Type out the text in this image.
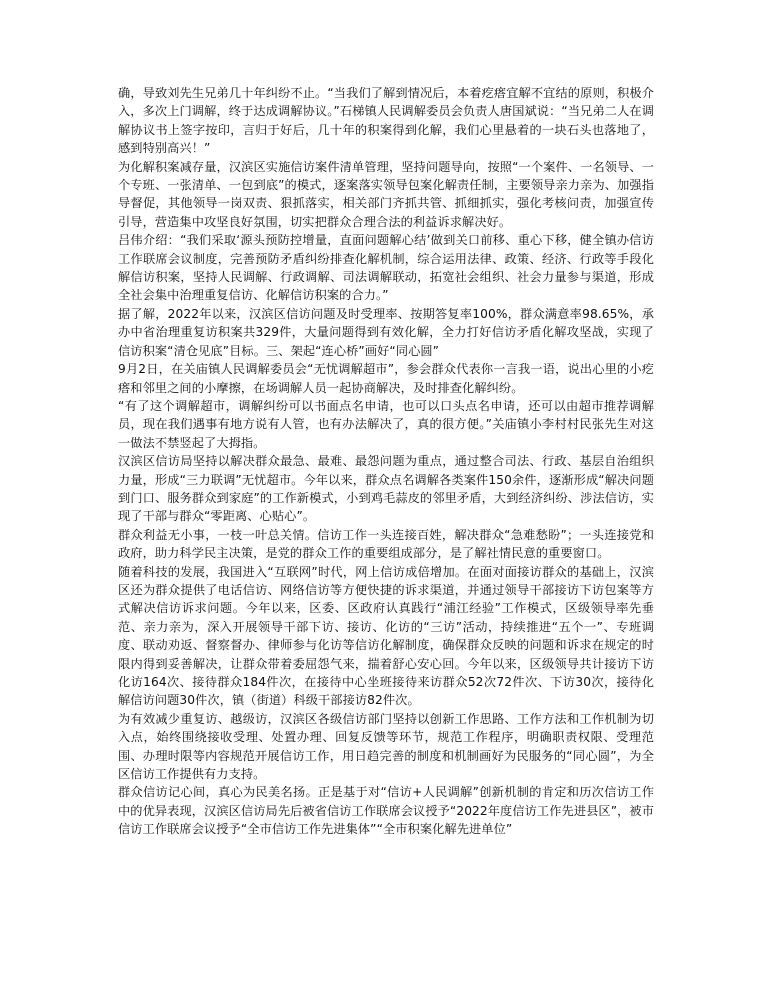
确，导致刘先生兄弟几十年纠纷不止。“当我们了解到情况后，本着疙瘩宜解不宜结的原则，积极介入，多次上门调解，终于达成调解协议。”石梯镇人民调解委员会负责人唐国斌说：“当兄弟二人在调解协议书上签字按印，言归于好后，几十年的积案得到化解，我们心里悬着的一块石头也落地了，感到特别高兴！”

为化解积案减存量，汉滨区实施信访案件清单管理，坚持问题导向，按照“一个案件、一名领导、一个专班、一张清单、一包到底”的模式，逐案落实领导包案化解责任制，主要领导亲力亲为、加强指导督促，其他领导一岗双责、狠抓落实，相关部门齐抓共管、抓细抓实，强化考核问责，加强宣传引导，营造集中攻坚良好氛围，切实把群众合理合法的利益诉求解决好。

吕伟介绍：“我们采取‘源头预防控增量，直面问题解心结’做到关口前移、重心下移，健全镇办信访工作联席会议制度，完善预防矛盾纠纷排查化解机制，综合运用法律、政策、经济、行政等手段化解信访积案，坚持人民调解、行政调解、司法调解联动，拓宽社会组织、社会力量参与渠道，形成全社会集中治理重复信访、化解信访积案的合力。”

据了解，2022年以来，汉滨区信访问题及时受理率、按期答复率100%，群众满意率98.65%，承办中省治理重复访积案共329件，大量问题得到有效化解，全力打好信访矛盾化解攻坚战，实现了信访积案“清仓见底”目标。三、架起“连心桥”画好“同心圆”

9月2日，在关庙镇人民调解委员会“无忧调解超市”，参会群众代表你一言我一语，说出心里的小疙瘩和邻里之间的小摩擦，在场调解人员一起协商解决，及时排查化解纠纷。

“有了这个调解超市，调解纠纷可以书面点名申请，也可以口头点名申请，还可以由超市推荐调解员，现在我们遇事有地方说有人管，也有办法解决了，真的很方便。”关庙镇小李村村民张先生对这一做法不禁竖起了大拇指。

汉滨区信访局坚持以解决群众最急、最难、最怨问题为重点，通过整合司法、行政、基层自治组织力量，形成“三力联调”无忧超市。今年以来，群众点名调解各类案件150余件，逐渐形成“解决问题到门口、服务群众到家庭”的工作新模式，小到鸡毛蒜皮的邻里矛盾，大到经济纠纷、涉法信访，实现了干部与群众“零距离、心贴心”。

群众利益无小事，一枝一叶总关情。信访工作一头连接百姓，解决群众“急难愁盼”；一头连接党和政府，助力科学民主决策，是党的群众工作的重要组成部分，是了解社情民意的重要窗口。

随着科技的发展，我国进入“互联网”时代，网上信访成倍增加。在面对面接访群众的基础上，汉滨区还为群众提供了电话信访、网络信访等方便快捷的诉求渠道，并通过领导干部接访下访包案等方式解决信访诉求问题。今年以来，区委、区政府认真践行“浦江经验”工作模式，区级领导率先垂范、亲力亲为，深入开展领导干部下访、接访、化访的“三访”活动，持续推进“五个一”、专班调度、联动劝返、督察督办、律师参与化访等信访化解制度，确保群众反映的问题和诉求在规定的时限内得到妥善解决，让群众带着委屈怨气来，揣着舒心安心回。今年以来，区级领导共计接访下访化访164次、接待群众184件次，在接待中心坐班接待来访群众52次72件次、下访30次，接待化解信访问题30件次，镇（街道）科级干部接访82件次。

为有效减少重复访、越级访，汉滨区各级信访部门坚持以创新工作思路、工作方法和工作机制为切入点，始终围绕接收受理、处置办理、回复反馈等环节，规范工作程序，明确职责权限、受理范围、办理时限等内容规范开展信访工作，用日趋完善的制度和机制画好为民服务的“同心圆”，为全区信访工作提供有力支持。

群众信访记心间，真心为民美名扬。正是基于对“信访+人民调解”创新机制的肯定和历次信访工作中的优异表现，汉滨区信访局先后被省信访工作联席会议授予“2022年度信访工作先进县区”，被市信访工作联席会议授予“全市信访工作先进集体”“全市积案化解先进单位”
